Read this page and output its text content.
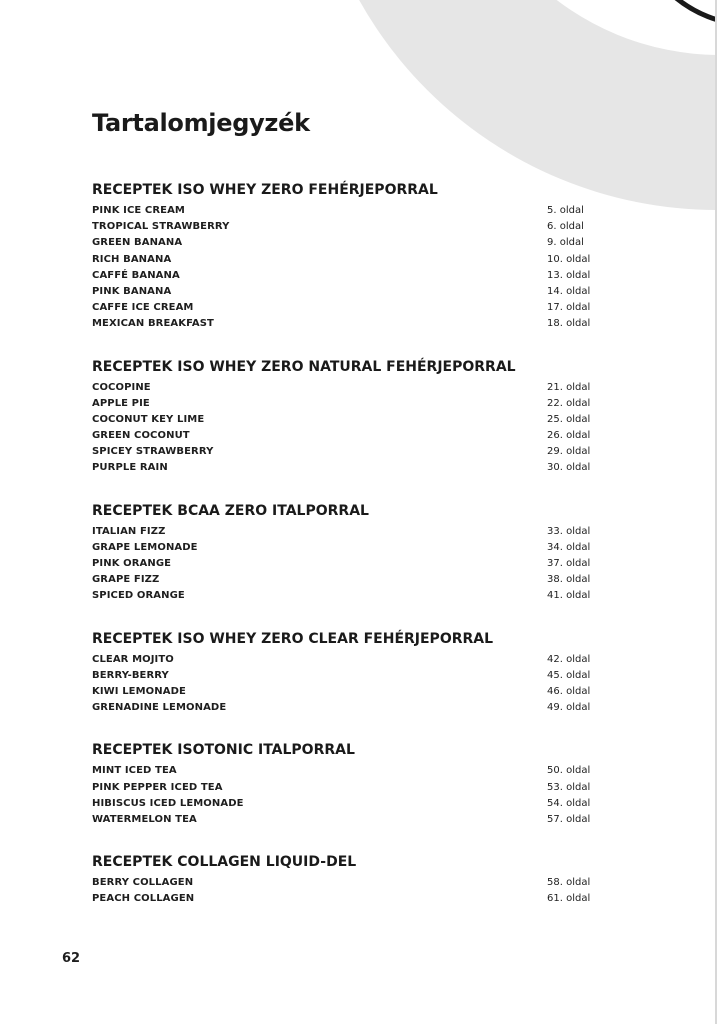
Tartalomjegyzék
RECEPTEK ISO WHEY ZERO FEHÉRJEPORRAL
PINK ICE CREAM	5. oldal
TROPICAL STRAWBERRY	6. oldal
GREEN BANANA	9. oldal
RICH BANANA	10. oldal
CAFFÉ BANANA	13. oldal
PINK BANANA	14. oldal
CAFFE ICE CREAM	17. oldal
MEXICAN BREAKFAST	18. oldal
RECEPTEK ISO WHEY ZERO NATURAL FEHÉRJEPORRAL
COCOPINE	21. oldal
APPLE PIE	22. oldal
COCONUT KEY LIME	25. oldal
GREEN COCONUT	26. oldal
SPICEY STRAWBERRY	29. oldal
PURPLE RAIN	30. oldal
RECEPTEK BCAA ZERO ITALPORRAL
ITALIAN FIZZ	33. oldal
GRAPE LEMONADE	34. oldal
PINK ORANGE	37. oldal
GRAPE FIZZ	38. oldal
SPICED ORANGE	41. oldal
RECEPTEK ISO WHEY ZERO CLEAR FEHÉRJEPORRAL
CLEAR MOJITO	42. oldal
BERRY-BERRY	45. oldal
KIWI LEMONADE	46. oldal
GRENADINE LEMONADE	49. oldal
RECEPTEK ISOTONIC ITALPORRAL
MINT ICED TEA	50. oldal
PINK PEPPER ICED TEA	53. oldal
HIBISCUS ICED LEMONADE	54. oldal
WATERMELON TEA	57. oldal
RECEPTEK COLLAGEN LIQUID-DEL
BERRY COLLAGEN	58. oldal
PEACH COLLAGEN	61. oldal
62
